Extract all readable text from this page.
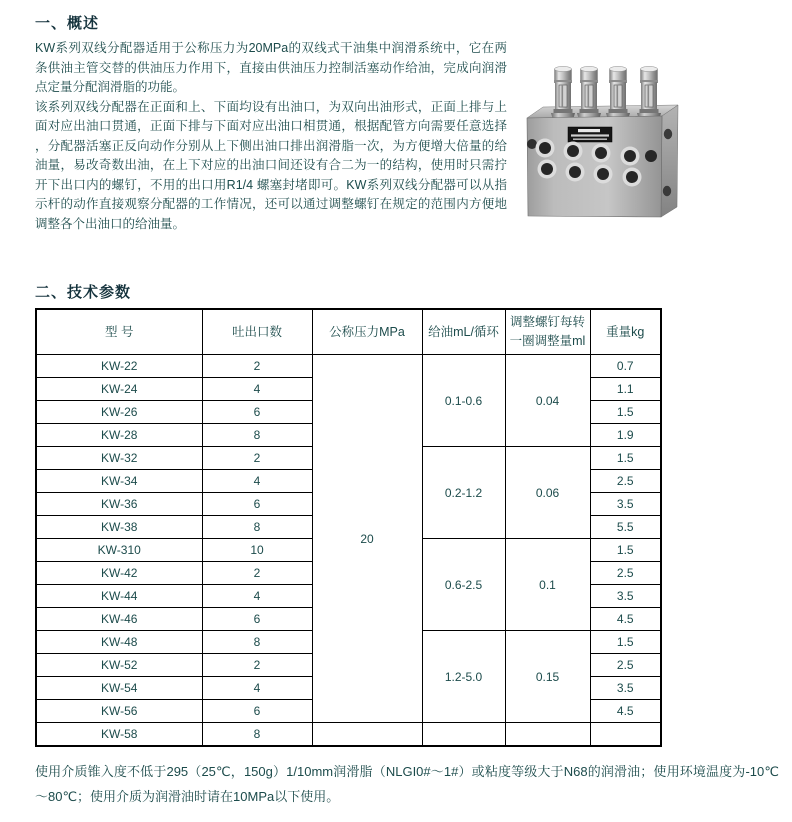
一、概述

KW系列双线分配器适用于公称压力为20MPa的双线式干油集中润滑系统中，它在两条供油主管交替的供油压力作用下，直接由供油压力控制活塞动作给油，完成向润滑点定量分配润滑脂的功能。

该系列双线分配器在正面和上、下面均设有出油口，为双向出油形式，正面上排与上面对应出油口贯通，正面下排与下面对应出油口相贯通，根据配管方向需要任意选择，分配器活塞正反向动作分别从上下侧出油口排出润滑脂一次，为方便增大倍量的给油量，易改奇数出油，在上下对应的出油口间还设有合二为一的结构，使用时只需拧开下出口内的螺钉，不用的出口用R1/4 螺塞封堵即可。KW系列双线分配器可以从指示杆的动作直接观察分配器的工作情况，还可以通过调整螺钉在规定的范围内方便地调整各个出油口的给油量。

二、技术参数
型 号	吐出口数	公称压力MPa	给油mL/循环	调整螺钉每转一圈调整量ml	重量kg
KW-22	2	20	0.1-0.6	0.04	0.7
KW-24	4				1.1
KW-26	6				1.5
KW-28	8				1.9
KW-32	2		0.2-1.2	0.06	1.5
KW-34	4				2.5
KW-36	6				3.5
KW-38	8				5.5
KW-310	10		0.6-2.5	0.1	1.5
KW-42	2				2.5
KW-44	4				3.5
KW-46	6				4.5
KW-48	8		1.2-5.0	0.15	1.5
KW-52	2				2.5
KW-54	4				3.5
KW-56	6				4.5
KW-58	8				
使用介质锥入度不低于295（25℃，150g）1/10mm润滑脂（NLGI0#～1#）或粘度等级大于N68的润滑油；使用环境温度为-10℃～80℃；使用介质为润滑油时请在10MPa以下使用。
